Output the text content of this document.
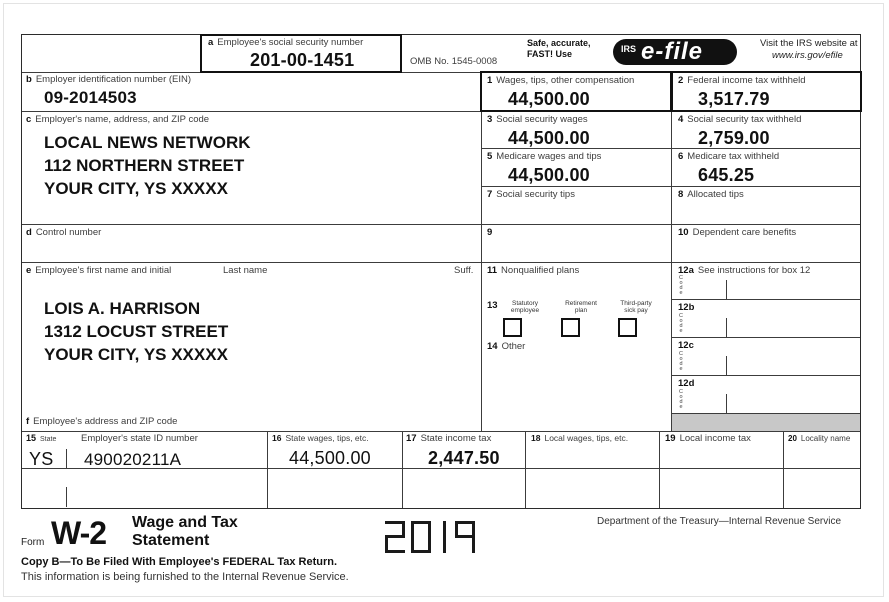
a Employee's social security number
201-00-1451	OMB No. 1545-0008
Safe, accurate,
FAST! Use	IRS e-file	Visit the IRS website at
www.irs.gov/efile
b Employer identification number (EIN)
09-2014503
1 Wages, tips, other compensation
44,500.00
2 Federal income tax withheld
3,517.79
c Employer's name, address, and ZIP code
LOCAL NEWS NETWORK
112 NORTHERN STREET
YOUR CITY, YS XXXXX
3 Social security wages
44,500.00
4 Social security tax withheld
2,759.00
5 Medicare wages and tips
44,500.00
6 Medicare tax withheld
645.25
7 Social security tips	8 Allocated tips
d Control number	9	10 Dependent care benefits
e Employee's first name and initial	Last name	Suff.
LOIS A. HARRISON
1312 LOCUST STREET
YOUR CITY, YS XXXXX
f Employee's address and ZIP code
11 Nonqualified plans
13	Statutory
employee
Retirement
plan
Third-party
sick pay
14 Other
12a See instructions for box 12
12b
12c
12d
C
o
d
e
C
o
d
e
C
o
d
e
C
o
d
e
15 State	Employer's state ID number
YS 490020211A
16 State wages, tips, etc.
44,500.00
17 State income tax
2,447.50
18 Local wages, tips, etc.	19 Local income tax	20 Locality name
Form W-2 Wage and Tax
Statement
Department of the Treasury—Internal Revenue Service
Copy B—To Be Filed With Employee's FEDERAL Tax Return.
This information is being furnished to the Internal Revenue Service.
